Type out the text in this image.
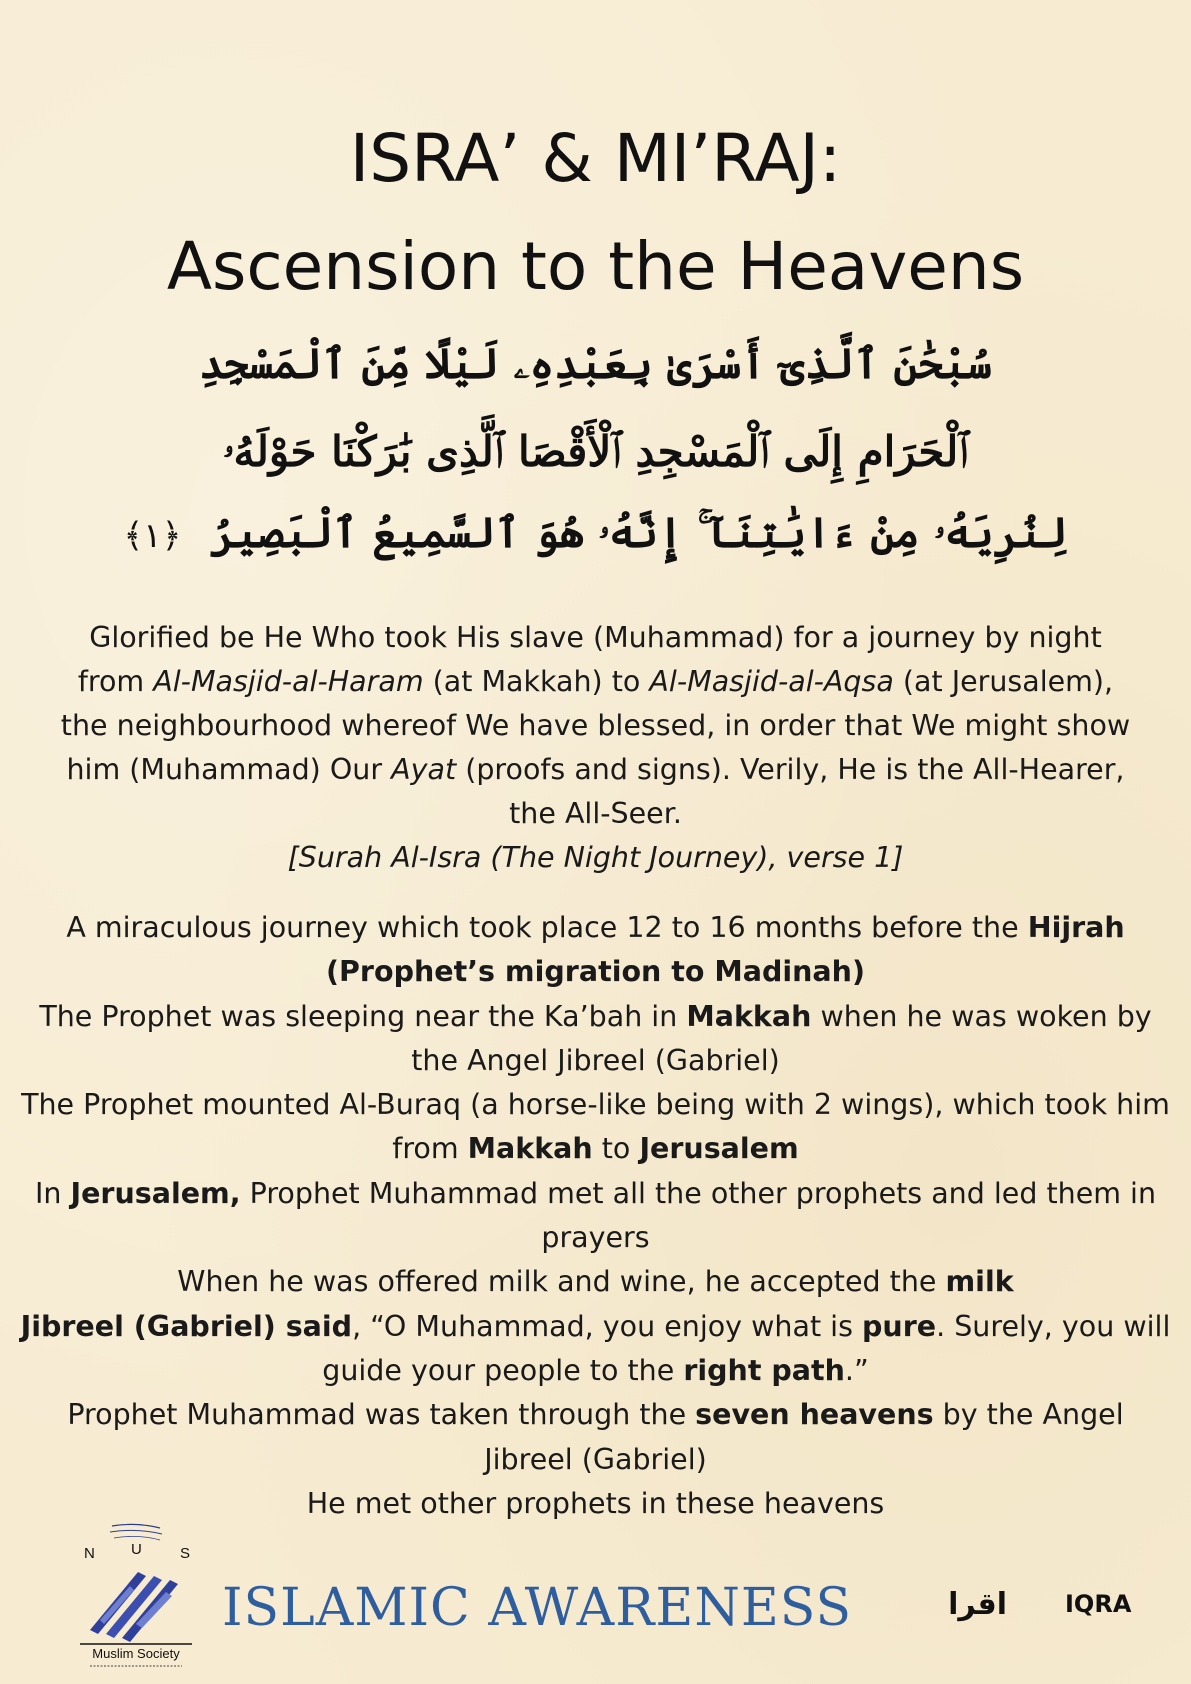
ISRA’ & MI’RAJ:
Ascension to the Heavens
سُبْحَٰنَ ٱلَّذِىٓ أَسْرَىٰ بِعَبْدِهِۦ لَيْلًا مِّنَ ٱلْمَسْجِدِ
ٱلْحَرَامِ إِلَى ٱلْمَسْجِدِ ٱلْأَقْصَا ٱلَّذِى بَٰرَكْنَا حَوْلَهُۥ
لِنُرِيَهُۥ مِنْ ءَايَٰتِنَآ ۚ إِنَّهُۥ هُوَ ٱلسَّمِيعُ ٱلْبَصِيرُ ﴿١﴾

Glorified be He Who took His slave (Muhammad) for a journey by night from Al-Masjid-al-Haram (at Makkah) to Al-Masjid-al-Aqsa (at Jerusalem), the neighbourhood whereof We have blessed, in order that We might show him (Muhammad) Our Ayat (proofs and signs). Verily, He is the All-Hearer, the All-Seer.

[Surah Al-Isra (The Night Journey), verse 1]

A miraculous journey which took place 12 to 16 months before the Hijrah (Prophet’s migration to Madinah)

The Prophet was sleeping near the Ka’bah in Makkah when he was woken by the Angel Jibreel (Gabriel)

The Prophet mounted Al-Buraq (a horse-like being with 2 wings), which took him from Makkah to Jerusalem

In Jerusalem, Prophet Muhammad met all the other prophets and led them in prayers

When he was offered milk and wine, he accepted the milk

Jibreel (Gabriel) said, “O Muhammad, you enjoy what is pure. Surely, you will guide your people to the right path.”

Prophet Muhammad was taken through the seven heavens by the Angel Jibreel (Gabriel)

He met other prophets in these heavens

N U	S
Muslim Society
ISLAMIC AWARENESS	اقرا IQRA
